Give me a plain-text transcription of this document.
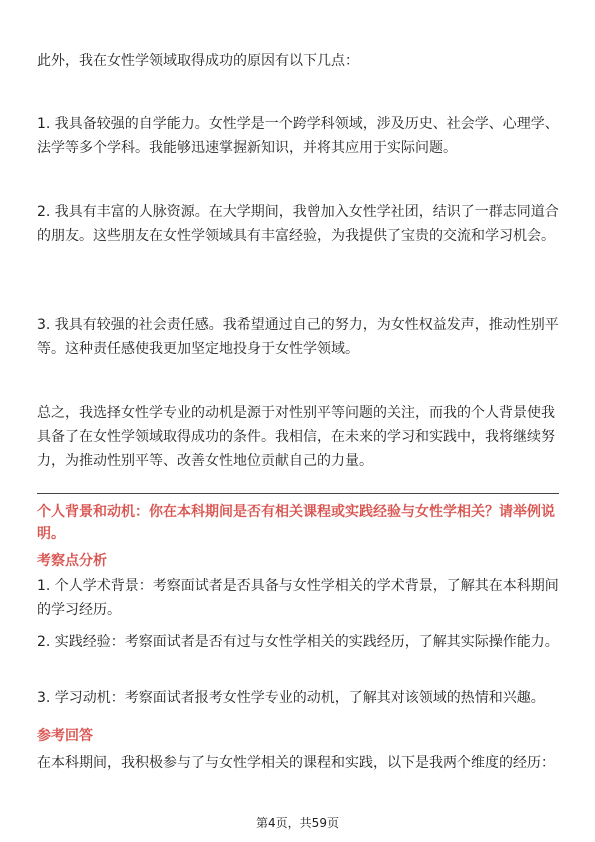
此外，我在女性学领域取得成功的原因有以下几点：

1. 我具备较强的自学能力。女性学是一个跨学科领域，涉及历史、社会学、心理学、法学等多个学科。我能够迅速掌握新知识，并将其应用于实际问题。

2. 我具有丰富的人脉资源。在大学期间，我曾加入女性学社团，结识了一群志同道合的朋友。这些朋友在女性学领域具有丰富经验，为我提供了宝贵的交流和学习机会。

3. 我具有较强的社会责任感。我希望通过自己的努力，为女性权益发声，推动性别平等。这种责任感使我更加坚定地投身于女性学领域。

总之，我选择女性学专业的动机是源于对性别平等问题的关注，而我的个人背景使我具备了在女性学领域取得成功的条件。我相信，在未来的学习和实践中，我将继续努力，为推动性别平等、改善女性地位贡献自己的力量。

个人背景和动机：你在本科期间是否有相关课程或实践经验与女性学相关？请举例说明。

考察点分析

1. 个人学术背景：考察面试者是否具备与女性学相关的学术背景，了解其在本科期间的学习经历。

2. 实践经验：考察面试者是否有过与女性学相关的实践经历，了解其实际操作能力。

3. 学习动机：考察面试者报考女性学专业的动机，了解其对该领域的热情和兴趣。

参考回答

在本科期间，我积极参与了与女性学相关的课程和实践，以下是我两个维度的经历：

第4页，共59页
